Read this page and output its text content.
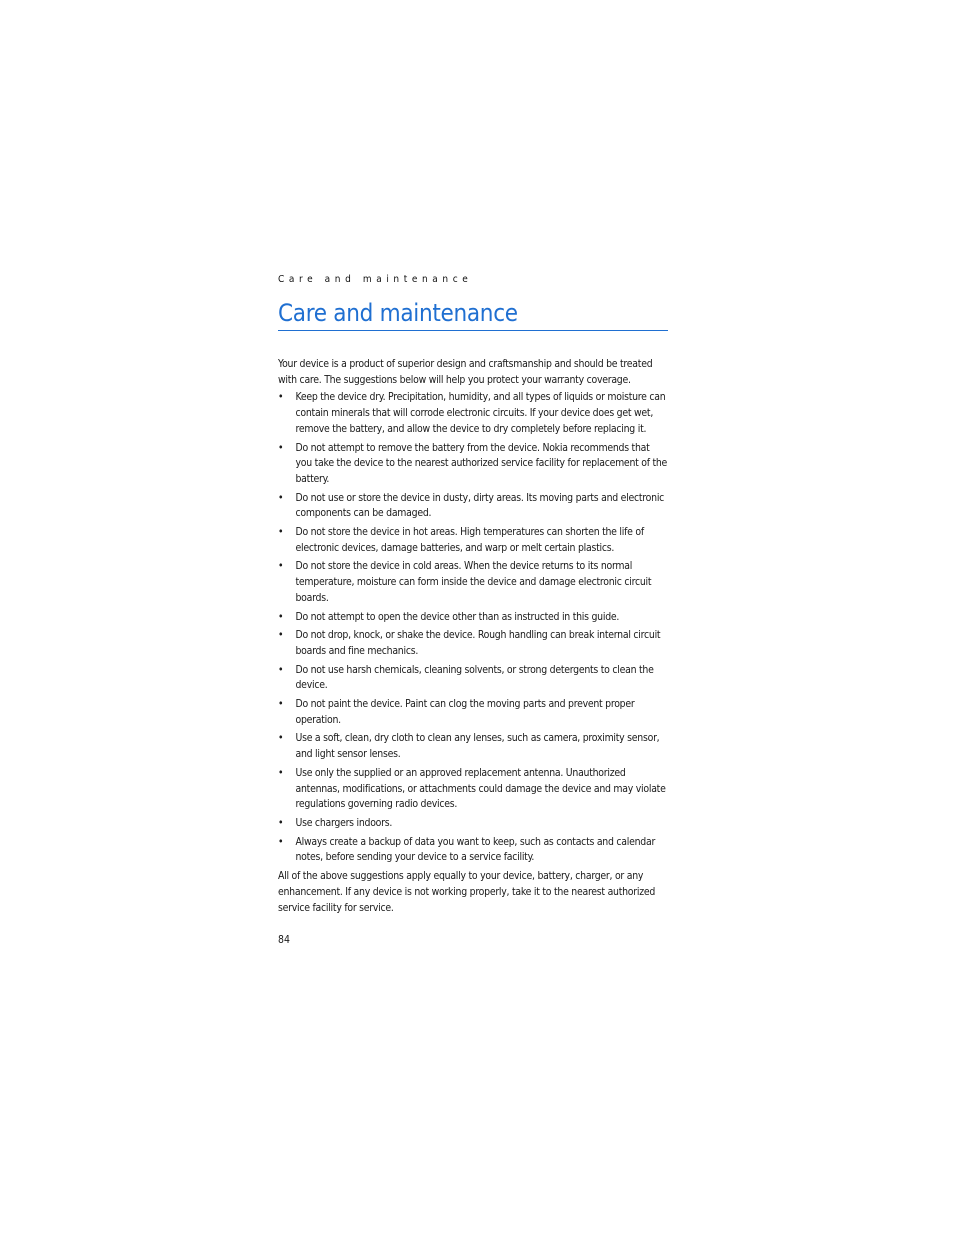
Care and maintenance

Care and maintenance

Your device is a product of superior design and craftsmanship and should be treated with care. The suggestions below will help you protect your warranty coverage.

•	Keep the device dry. Precipitation, humidity, and all types of liquids or moisture can contain minerals that will corrode electronic circuits. If your device does get wet, remove the battery, and allow the device to dry completely before replacing it.
•	Do not attempt to remove the battery from the device. Nokia recommends that you take the device to the nearest authorized service facility for replacement of the battery.
•	Do not use or store the device in dusty, dirty areas. Its moving parts and electronic components can be damaged.
•	Do not store the device in hot areas. High temperatures can shorten the life of electronic devices, damage batteries, and warp or melt certain plastics.
•	Do not store the device in cold areas. When the device returns to its normal temperature, moisture can form inside the device and damage electronic circuit boards.
•	Do not attempt to open the device other than as instructed in this guide.
•	Do not drop, knock, or shake the device. Rough handling can break internal circuit boards and fine mechanics.
•	Do not use harsh chemicals, cleaning solvents, or strong detergents to clean the device.
•	Do not paint the device. Paint can clog the moving parts and prevent proper operation.
•	Use a soft, clean, dry cloth to clean any lenses, such as camera, proximity sensor, and light sensor lenses.
•	Use only the supplied or an approved replacement antenna. Unauthorized antennas, modifications, or attachments could damage the device and may violate regulations governing radio devices.
•	Use chargers indoors.
•	Always create a backup of data you want to keep, such as contacts and calendar notes, before sending your device to a service facility.

All of the above suggestions apply equally to your device, battery, charger, or any enhancement. If any device is not working properly, take it to the nearest authorized service facility for service.

84
